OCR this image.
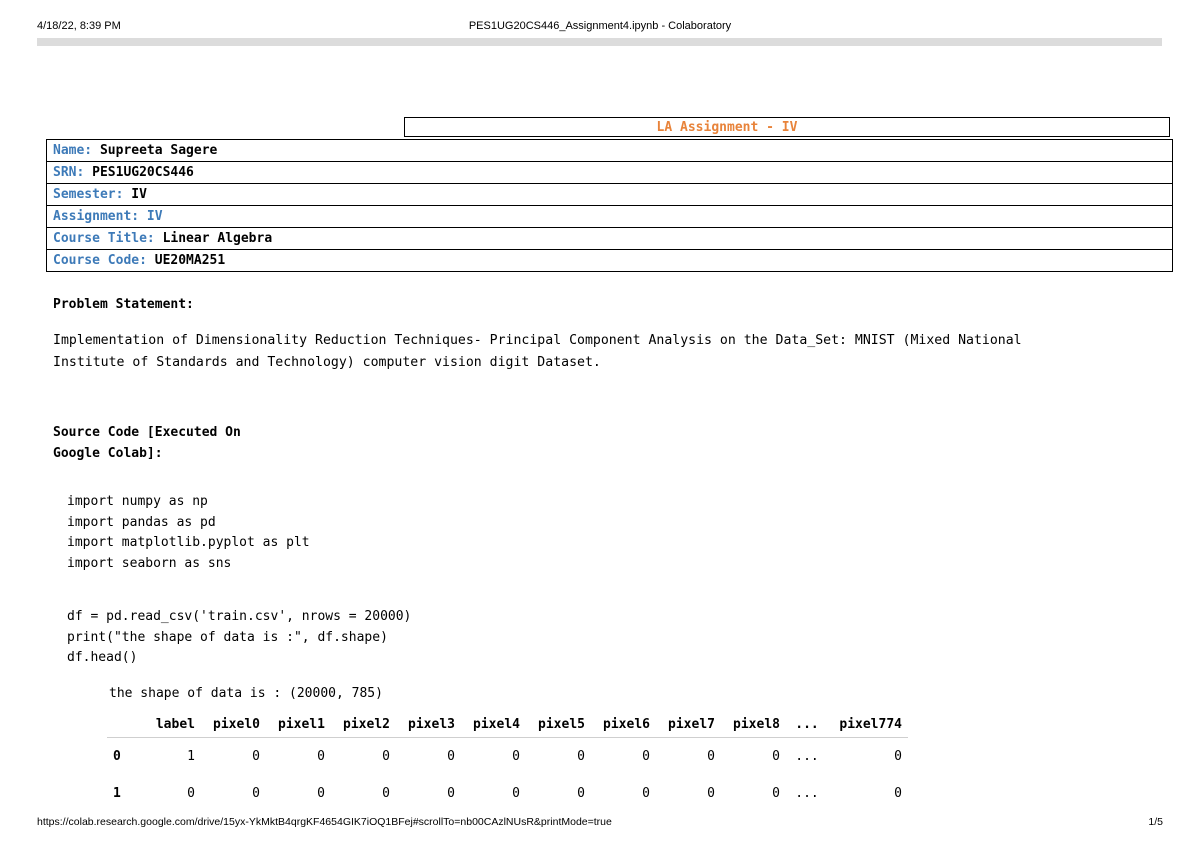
4/18/22, 8:39 PM	PES1UG20CS446_Assignment4.ipynb - Colaboratory
LA Assignment - IV
Name: Supreeta Sagere
SRN: PES1UG20CS446
Semester: IV
Assignment: IV
Course Title: Linear Algebra
Course Code: UE20MA251
Problem Statement:
Implementation of Dimensionality Reduction Techniques- Principal Component Analysis on the Data_Set: MNIST (Mixed National
Institute of Standards and Technology) computer vision digit Dataset.
Source Code [Executed On
Google Colab]:
import numpy as np
import pandas as pd
import matplotlib.pyplot as plt
import seaborn as sns
df = pd.read_csv('train.csv', nrows = 20000)
print("the shape of data is :", df.shape)
df.head()
the shape of data is : (20000, 785)
	label	pixel0	pixel1	pixel2	pixel3	pixel4	pixel5	pixel6	pixel7	pixel8	...	pixel774
0	1	0	0	0	0	0	0	0	0	0	...	0
1	0	0	0	0	0	0	0	0	0	0	...	0
https://colab.research.google.com/drive/15yx-YkMktB4qrgKF4654GIK7iOQ1BFej#scrollTo=nb00CAzlNUsR&printMode=true	1/5
